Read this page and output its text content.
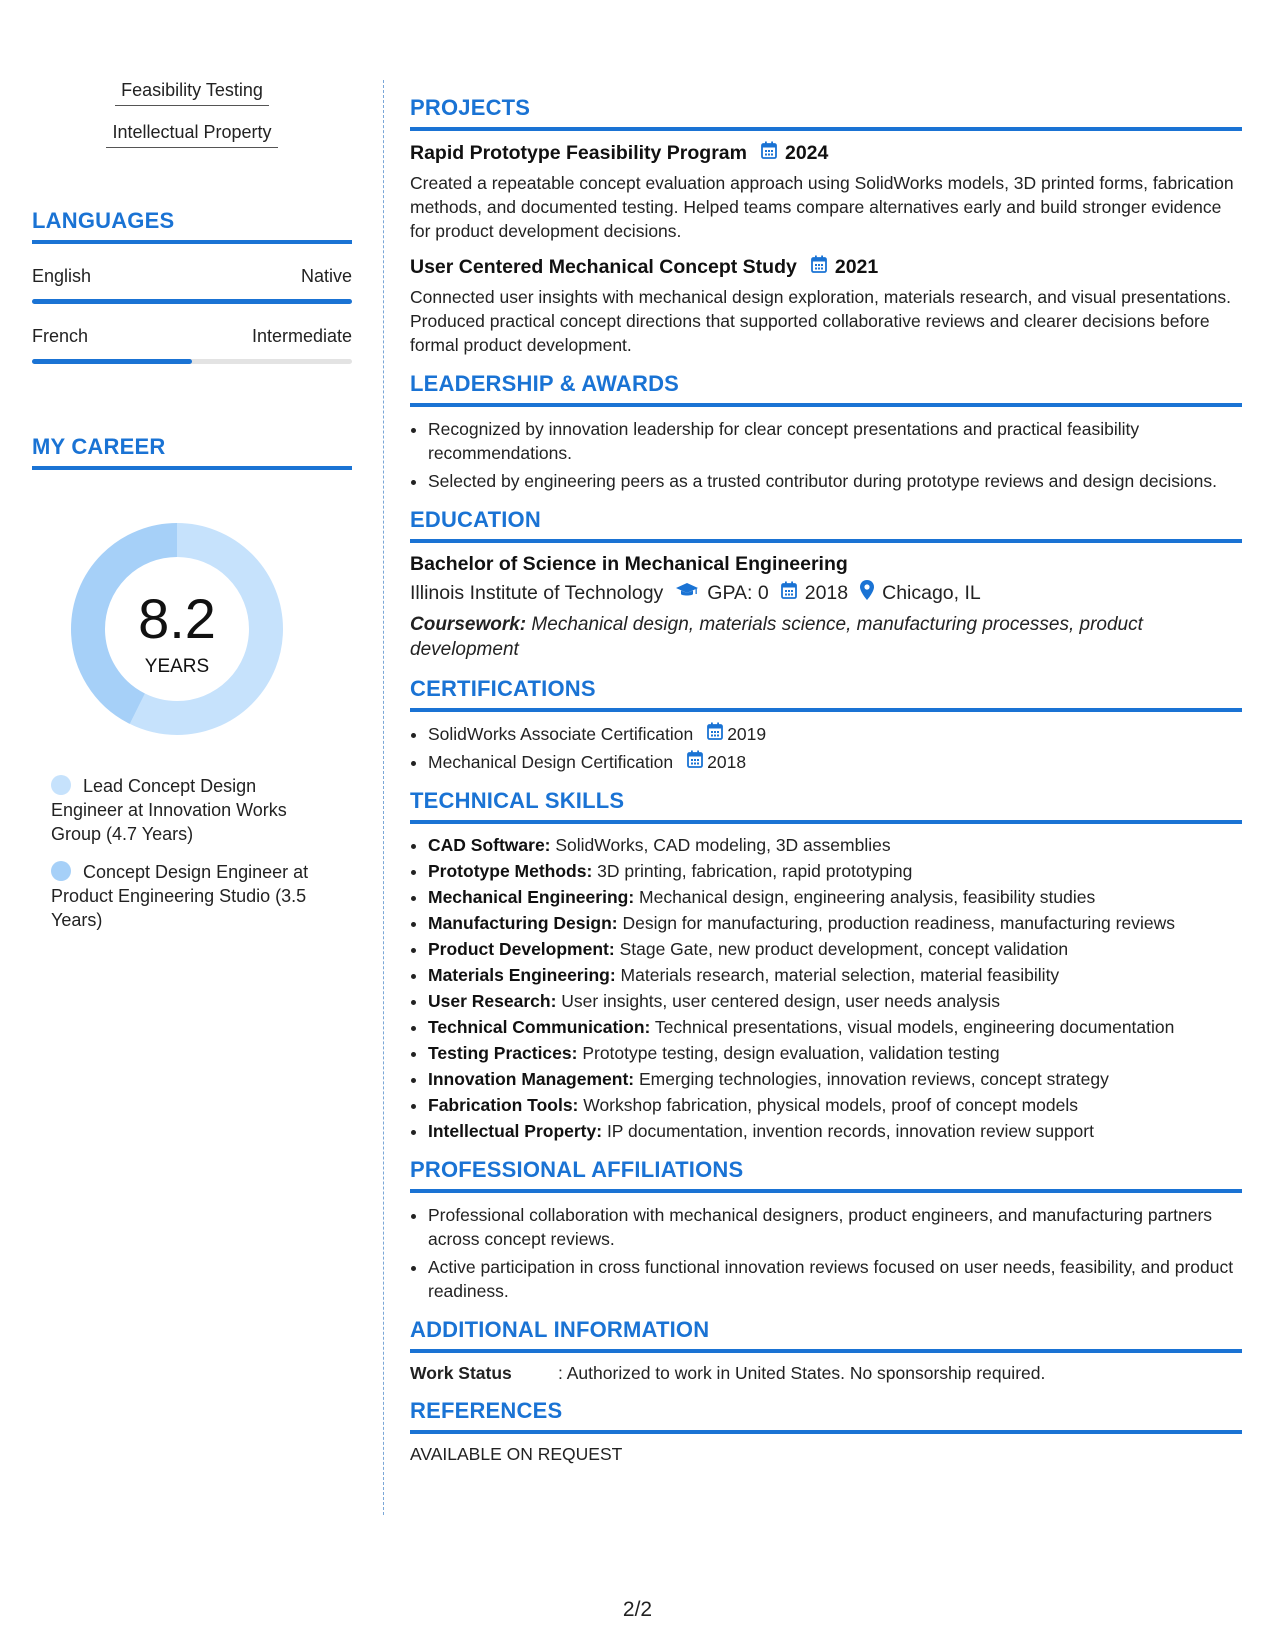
Feasibility Testing
Intellectual Property
LANGUAGES
English	Native
French	Intermediate
MY CAREER
8.2
YEARS
Lead Concept Design Engineer at Innovation Works Group (4.7 Years)
Concept Design Engineer at Product Engineering Studio (3.5 Years)
PROJECTS
Rapid Prototype Feasibility Program 2024

Created a repeatable concept evaluation approach using SolidWorks models, 3D printed forms, fabrication methods, and documented testing. Helped teams compare alternatives early and build stronger evidence for product development decisions.

User Centered Mechanical Concept Study 2021

Connected user insights with mechanical design exploration, materials research, and visual presentations. Produced practical concept directions that supported collaborative reviews and clearer decisions before formal product development.

LEADERSHIP & AWARDS
• Recognized by innovation leadership for clear concept presentations and practical feasibility recommendations.
• Selected by engineering peers as a trusted contributor during prototype reviews and design decisions.
EDUCATION
Bachelor of Science in Mechanical Engineering
Illinois Institute of Technology GPA: 0 2018 Chicago, IL

Coursework: Mechanical design, materials science, manufacturing processes, product development

CERTIFICATIONS
• SolidWorks Associate Certification 2019
• Mechanical Design Certification 2018
TECHNICAL SKILLS
• CAD Software: SolidWorks, CAD modeling, 3D assemblies
• Prototype Methods: 3D printing, fabrication, rapid prototyping
• Mechanical Engineering: Mechanical design, engineering analysis, feasibility studies
• Manufacturing Design: Design for manufacturing, production readiness, manufacturing reviews
• Product Development: Stage Gate, new product development, concept validation
• Materials Engineering: Materials research, material selection, material feasibility
• User Research: User insights, user centered design, user needs analysis
• Technical Communication: Technical presentations, visual models, engineering documentation
• Testing Practices: Prototype testing, design evaluation, validation testing
• Innovation Management: Emerging technologies, innovation reviews, concept strategy
• Fabrication Tools: Workshop fabrication, physical models, proof of concept models
• Intellectual Property: IP documentation, invention records, innovation review support
PROFESSIONAL AFFILIATIONS
• Professional collaboration with mechanical designers, product engineers, and manufacturing partners across concept reviews.
• Active participation in cross functional innovation reviews focused on user needs, feasibility, and product readiness.
ADDITIONAL INFORMATION
Work Status	: Authorized to work in United States. No sponsorship required.
REFERENCES

AVAILABLE ON REQUEST

2/2
